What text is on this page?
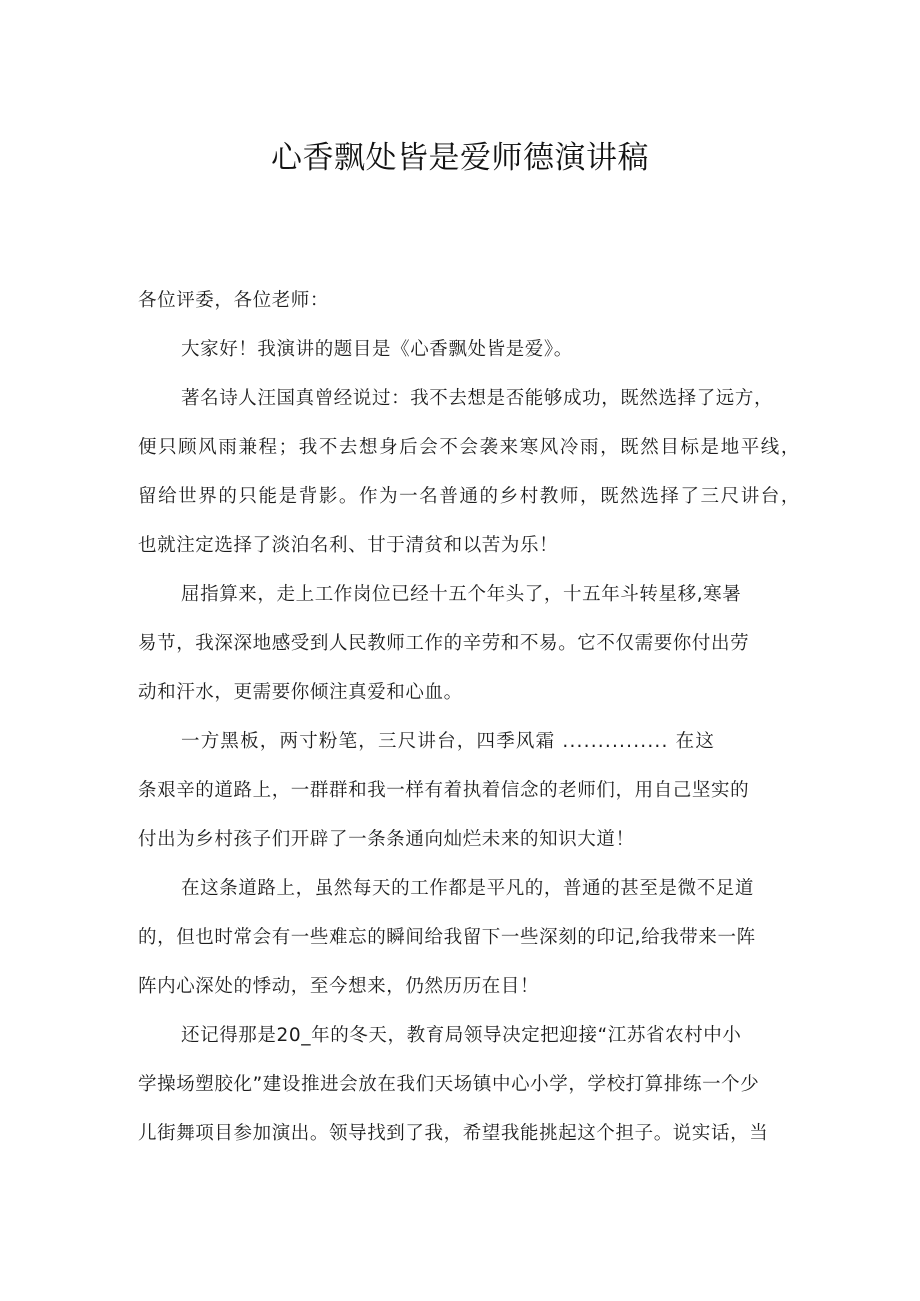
心香飘处皆是爱师德演讲稿
各位评委，各位老师：
大家好！我演讲的题目是《心香飘处皆是爱》。
著名诗人汪国真曾经说过：我不去想是否能够成功，既然选择了远方，
便只顾风雨兼程；我不去想身后会不会袭来寒风冷雨，既然目标是地平线，
留给世界的只能是背影。作为一名普通的乡村教师，既然选择了三尺讲台，
也就注定选择了淡泊名利、甘于清贫和以苦为乐！
屈指算来，走上工作岗位已经十五个年头了，十五年斗转星移,寒暑
易节，我深深地感受到人民教师工作的辛劳和不易。它不仅需要你付出劳
动和汗水，更需要你倾注真爱和心血。
一方黑板，两寸粉笔，三尺讲台，四季风霜 ............... 在这
条艰辛的道路上，一群群和我一样有着执着信念的老师们，用自己坚实的
付出为乡村孩子们开辟了一条条通向灿烂未来的知识大道！
在这条道路上，虽然每天的工作都是平凡的，普通的甚至是微不足道
的，但也时常会有一些难忘的瞬间给我留下一些深刻的印记,给我带来一阵
阵内心深处的悸动，至今想来，仍然历历在目！
还记得那是20_年的冬天，教育局领导决定把迎接“江苏省农村中小
学操场塑胶化”建设推进会放在我们天场镇中心小学，学校打算排练一个少
儿街舞项目参加演出。领导找到了我，希望我能挑起这个担子。说实话，当
